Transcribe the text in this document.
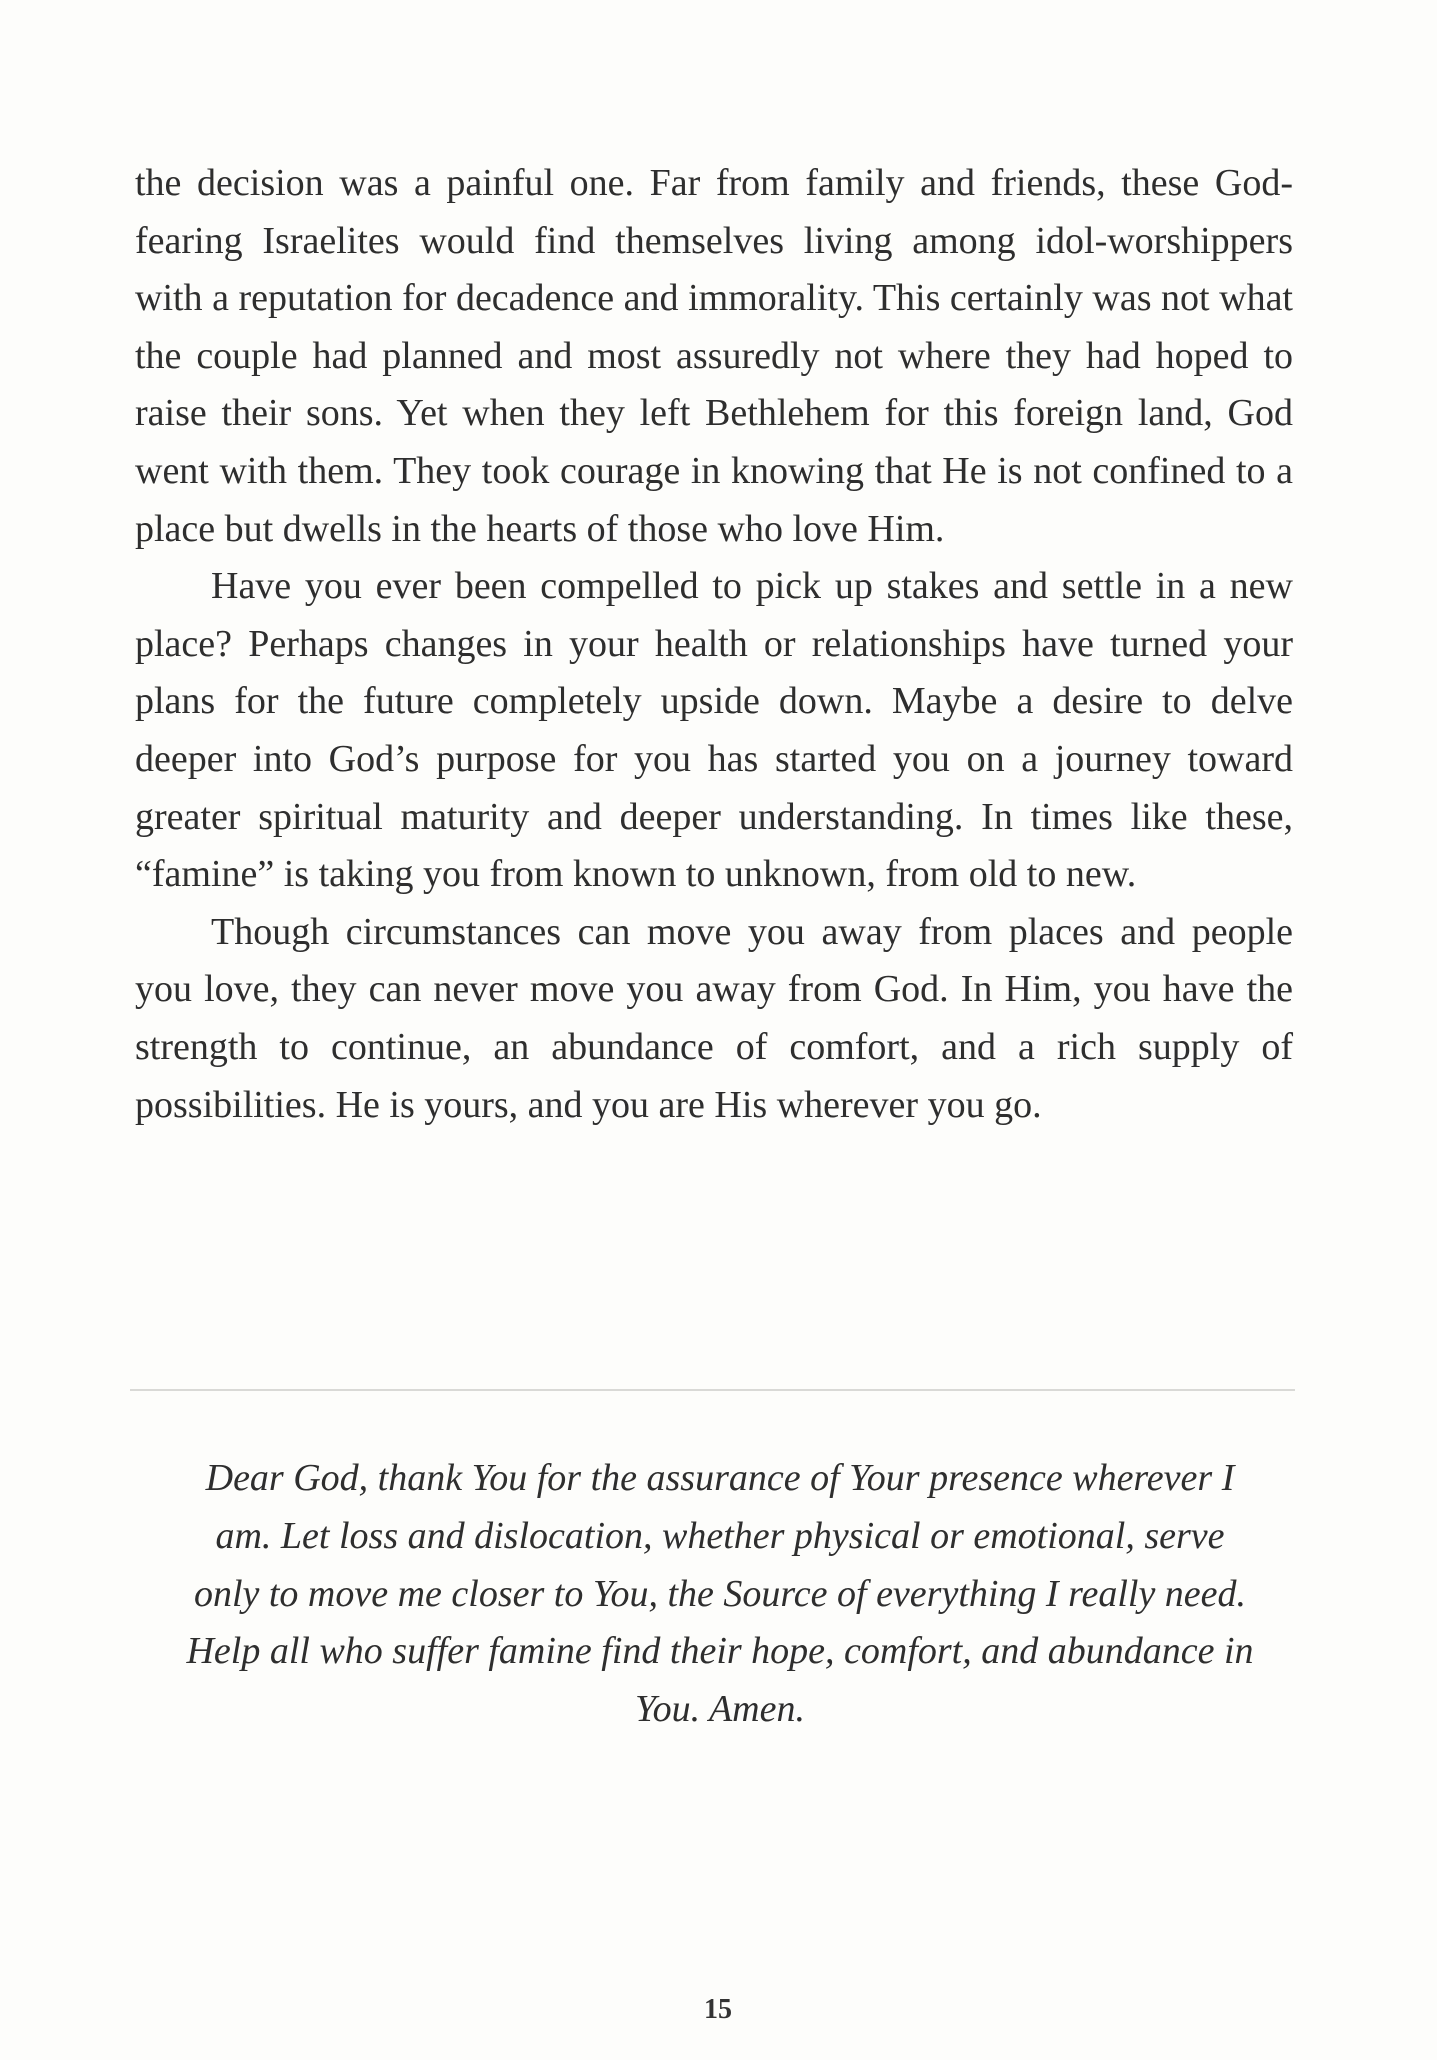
the decision was a painful one. Far from family and friends, these God-fearing Israelites would find themselves living among idol-worshippers with a reputation for decadence and immorality. This certainly was not what the couple had planned and most assuredly not where they had hoped to raise their sons. Yet when they left Bethlehem for this foreign land, God went with them. They took courage in knowing that He is not confined to a place but dwells in the hearts of those who love Him.

Have you ever been compelled to pick up stakes and settle in a new place? Perhaps changes in your health or relationships have turned your plans for the future completely upside down. Maybe a desire to delve deeper into God’s purpose for you has started you on a journey toward greater spiritual maturity and deeper understanding. In times like these, “famine” is taking you from known to unknown, from old to new.

Though circumstances can move you away from places and people you love, they can never move you away from God. In Him, you have the strength to continue, an abundance of comfort, and a rich supply of possibilities. He is yours, and you are His wherever you go.

Dear God, thank You for the assurance of Your presence wherever I am. Let loss and dislocation, whether physical or emotional, serve only to move me closer to You, the Source of everything I really need. Help all who suffer famine find their hope, comfort, and abundance in You. Amen.

15
